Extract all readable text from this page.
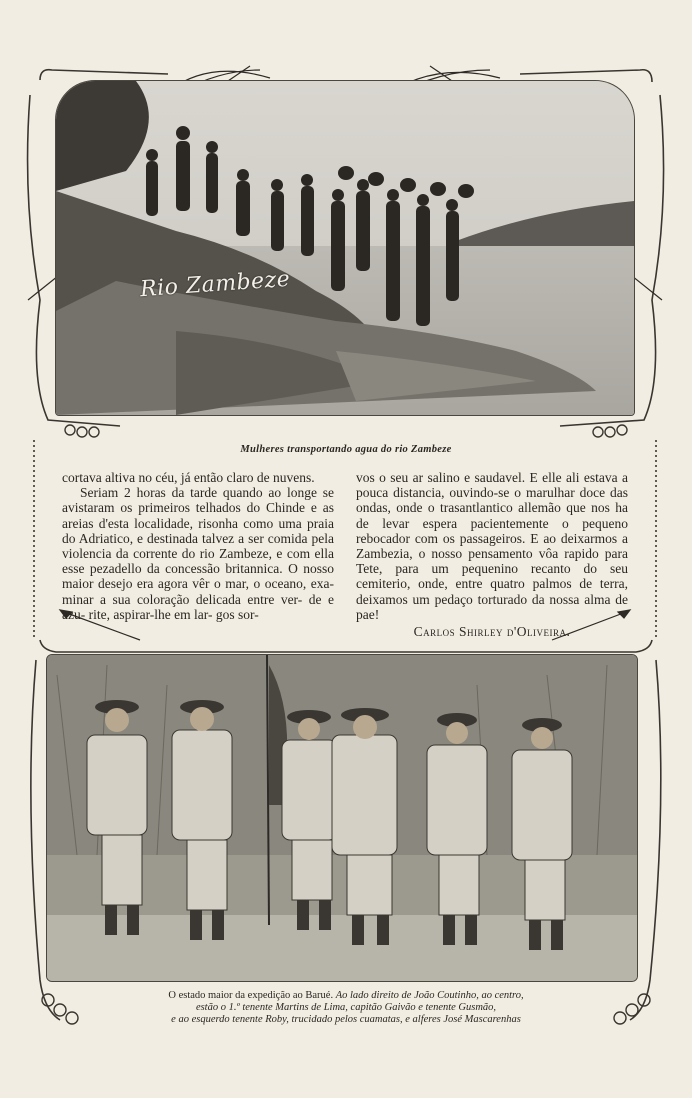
Rio Zambeze
Mulheres transportando agua do rio Zambeze

cortava altiva no céu, já então claro de nuvens.

Seriam 2 horas da tarde quando ao longe se avistaram os primeiros telhados do Chinde e as areias d'esta localidade, risonha como uma praia do Adriatico, e destinada talvez a ser comida pela violencia da corrente do rio Zambeze, e com ella esse pezadello da concessão britannica. O nosso maior desejo era agora vêr o mar, o oceano, exa- minar a sua coloração delicada entre ver- de e azu- rite, aspirar-lhe em lar- gos sor-

vos o seu ar salino e saudavel. E elle ali estava a pouca distancia, ouvindo-se o marulhar doce das ondas, onde o trasantlantico allemão que nos ha de levar espera pacientemente o pequeno rebocador com os passageiros. E ao deixarmos a Zambezia, o nosso pensamento vôa rapido para Tete, para um pequenino recanto do seu cemiterio, onde, entre quatro palmos de terra, deixamos um pedaço torturado da nossa alma de pae!

Carlos Shirley d'Oliveira.

O estado maior da expedição ao Barué. Ao lado direito de João Coutinho, ao centro,
estão o 1.º tenente Martins de Lima, capitão Gaivão e tenente Gusmão,
e ao esquerdo tenente Roby, trucidado pelos cuamatas, e alferes José Mascarenhas
